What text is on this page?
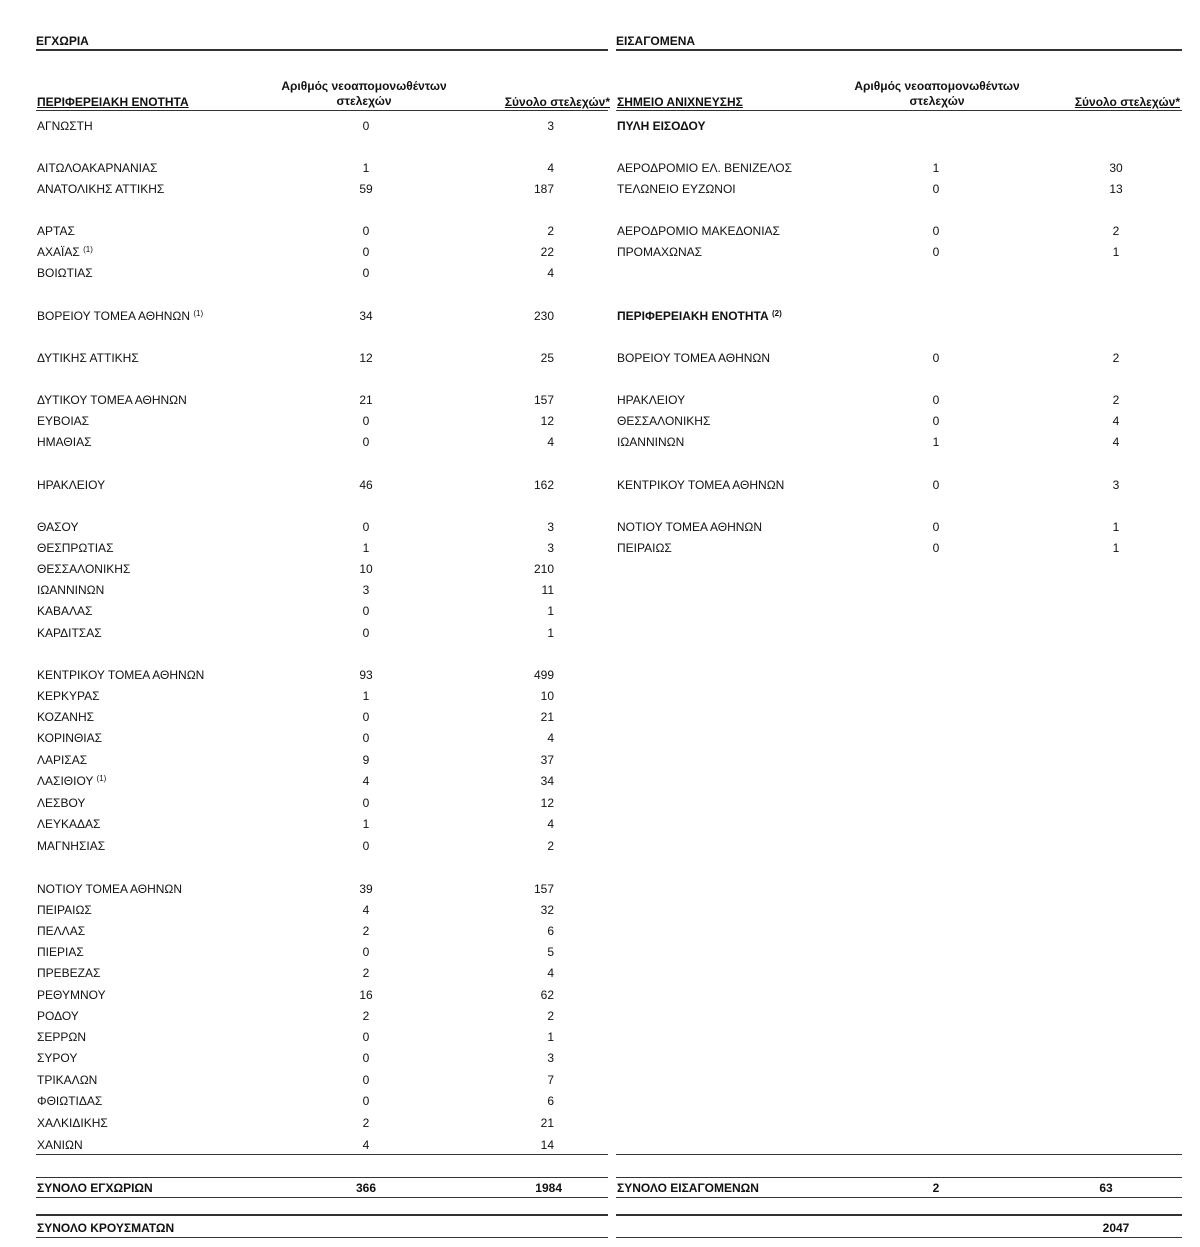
ΕΓΧΩΡΙΑ
ΠΕΡΙΦΕΡΕΙΑΚΗ ΕΝΟΤΗΤΑ
Αριθμός νεοαπομονωθέντων στελεχών	Σύνολο στελεχών*
ΑΓΝΩΣΤΗ	0	3
ΑΙΤΩΛΟΑΚΑΡΝΑΝΙΑΣ	1	4
ΑΝΑΤΟΛΙΚΗΣ ΑΤΤΙΚΗΣ	59	187
ΑΡΤΑΣ	0	2
ΑΧΑΪΑΣ $^{(1)}$	0	22
ΒΟΙΩΤΙΑΣ	0	4
ΒΟΡΕΙΟΥ ΤΟΜΕΑ ΑΘΗΝΩΝ $^{(1)}$	34	230
ΔΥΤΙΚΗΣ ΑΤΤΙΚΗΣ	12	25
ΔΥΤΙΚΟΥ ΤΟΜΕΑ ΑΘΗΝΩΝ	21	157
ΕΥΒΟΙΑΣ	0	12
ΗΜΑΘΙΑΣ	0	4
ΗΡΑΚΛΕΙΟΥ	46	162
ΘΑΣΟΥ	0	3
ΘΕΣΠΡΩΤΙΑΣ	1	3
ΘΕΣΣΑΛΟΝΙΚΗΣ	10	210
ΙΩΑΝΝΙΝΩΝ	3	11
ΚΑΒΑΛΑΣ	0	1
ΚΑΡΔΙΤΣΑΣ	0	1
ΚΕΝΤΡΙΚΟΥ ΤΟΜΕΑ ΑΘΗΝΩΝ	93	499
ΚΕΡΚΥΡΑΣ	1	10
ΚΟΖΑΝΗΣ	0	21
ΚΟΡΙΝΘΙΑΣ	0	4
ΛΑΡΙΣΑΣ	9	37
ΛΑΣΙΘΙΟΥ $^{(1)}$	4	34
ΛΕΣΒΟΥ	0	12
ΛΕΥΚΑΔΑΣ	1	4
ΜΑΓΝΗΣΙΑΣ	0	2
ΝΟΤΙΟΥ ΤΟΜΕΑ ΑΘΗΝΩΝ	39	157
ΠΕΙΡΑΙΩΣ	4	32
ΠΕΛΛΑΣ	2	6
ΠΙΕΡΙΑΣ	0	5
ΠΡΕΒΕΖΑΣ	2	4
ΡΕΘΥΜΝΟΥ	16	62
ΡΟΔΟΥ	2	2
ΣΕΡΡΩΝ	0	1
ΣΥΡΟΥ	0	3
ΤΡΙΚΑΛΩΝ	0	7
ΦΘΙΩΤΙΔΑΣ	0	6
ΧΑΛΚΙΔΙΚΗΣ	2	21
ΧΑΝΙΩΝ	4	14
ΣΥΝΟΛΟ ΕΓΧΩΡΙΩΝ	366	1984
ΣΥΝΟΛΟ ΚΡΟΥΣΜΑΤΩΝ
ΕΙΣΑΓΟΜΕΝΑ
ΣΗΜΕΙΟ ΑΝΙΧΝΕΥΣΗΣ
Αριθμός νεοαπομονωθέντων στελεχών	Σύνολο στελεχών*
ΠΥΛΗ ΕΙΣΟΔΟΥ
ΑΕΡΟΔΡΟΜΙΟ ΕΛ. ΒΕΝΙΖΕΛΟΣ	1	30
ΤΕΛΩΝΕΙΟ ΕΥΖΩΝΟΙ	0	13
ΑΕΡΟΔΡΟΜΙΟ ΜΑΚΕΔΟΝΙΑΣ	0	2
ΠΡΟΜΑΧΩΝΑΣ	0	1
ΠΕΡΙΦΕΡΕΙΑΚΗ ΕΝΟΤΗΤΑ $^{(2)}$
ΒΟΡΕΙΟΥ ΤΟΜΕΑ ΑΘΗΝΩΝ	0	2
ΗΡΑΚΛΕΙΟΥ	0	2
ΘΕΣΣΑΛΟΝΙΚΗΣ	0	4
ΙΩΑΝΝΙΝΩΝ	1	4
ΚΕΝΤΡΙΚΟΥ ΤΟΜΕΑ ΑΘΗΝΩΝ	0	3
ΝΟΤΙΟΥ ΤΟΜΕΑ ΑΘΗΝΩΝ	0	1
ΠΕΙΡΑΙΩΣ	0	1
ΣΥΝΟΛΟ ΕΙΣΑΓΟΜΕΝΩΝ	2	63
2047
